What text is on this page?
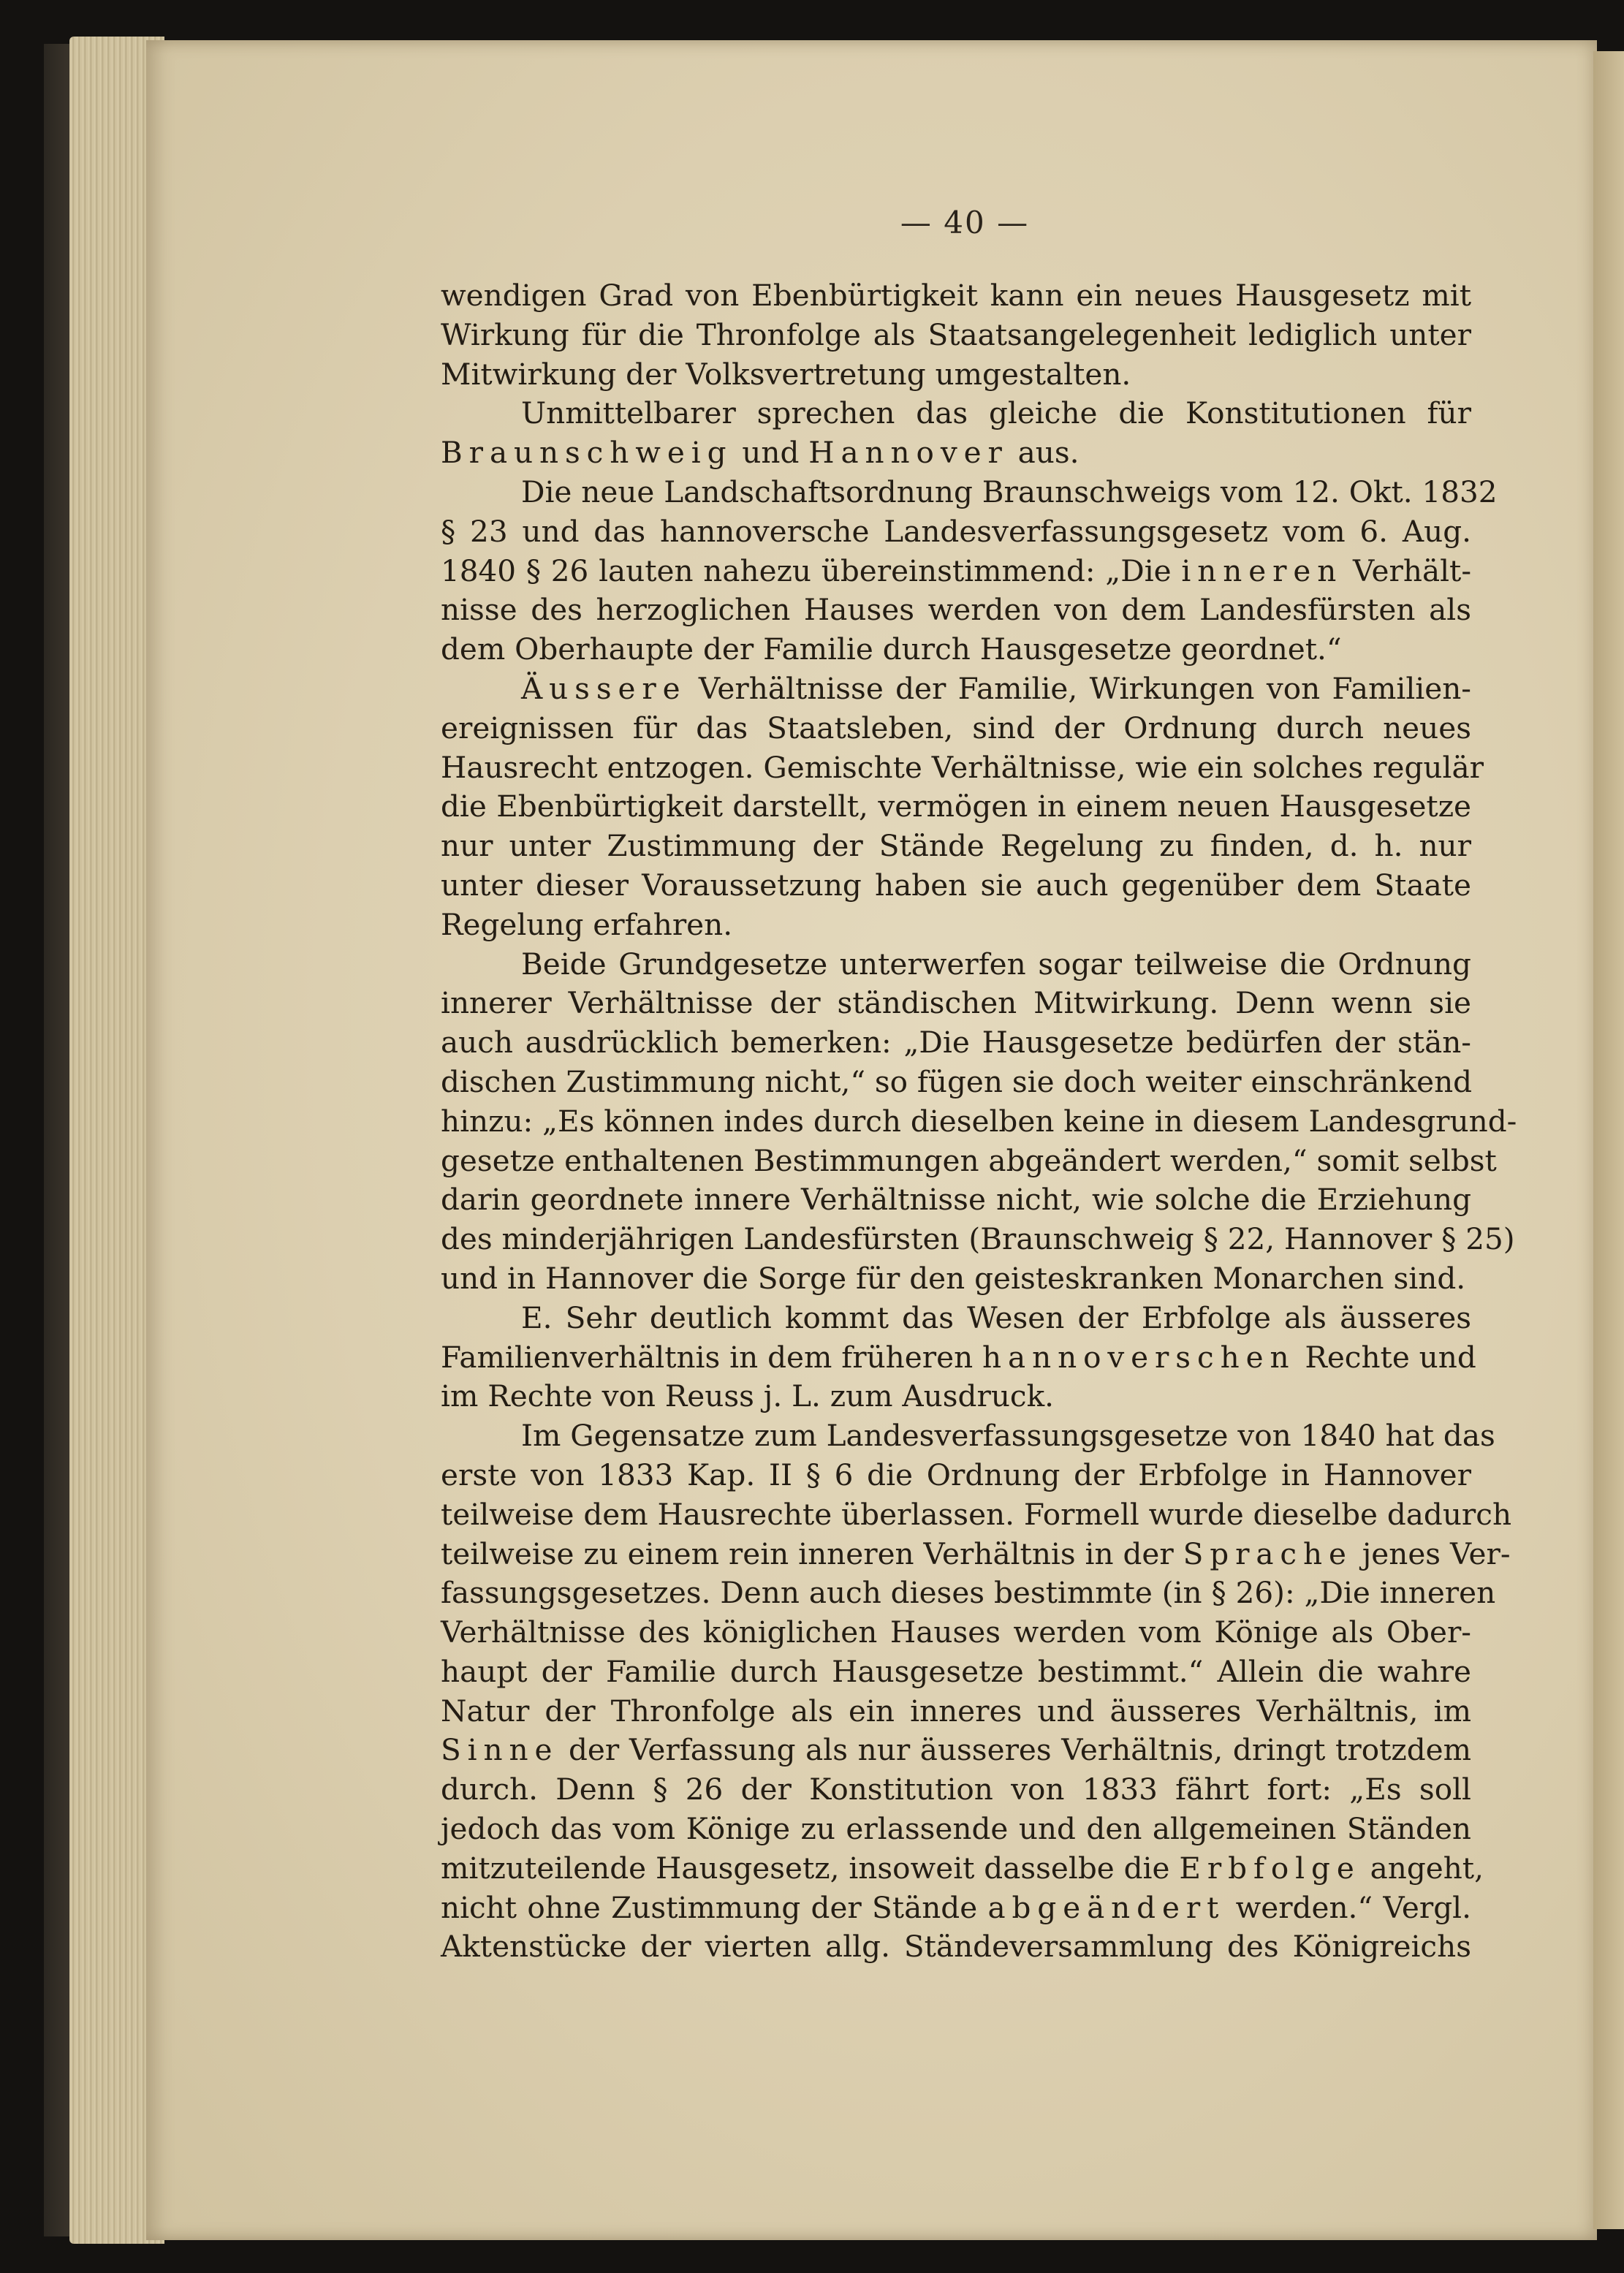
— 40 —
wendigen Grad von Ebenbürtigkeit kann ein neues Hausgesetz mit
Wirkung für die Thronfolge als Staatsangelegenheit lediglich unter
Mitwirkung der Volksvertretung umgestalten.
Unmittelbarer sprechen das gleiche die Konstitutionen für
Braunschweig und Hannover aus.
Die neue Landschaftsordnung Braunschweigs vom 12. Okt. 1832
§ 23 und das hannoversche Landesverfassungsgesetz vom 6. Aug.
1840 § 26 lauten nahezu übereinstimmend: „Die inneren Verhält-
nisse des herzoglichen Hauses werden von dem Landesfürsten als
dem Oberhaupte der Familie durch Hausgesetze geordnet.“
Äussere Verhältnisse der Familie, Wirkungen von Familien-
ereignissen für das Staatsleben, sind der Ordnung durch neues
Hausrecht entzogen. Gemischte Verhältnisse, wie ein solches regulär
die Ebenbürtigkeit darstellt, vermögen in einem neuen Hausgesetze
nur unter Zustimmung der Stände Regelung zu finden, d. h. nur
unter dieser Voraussetzung haben sie auch gegenüber dem Staate
Regelung erfahren.
Beide Grundgesetze unterwerfen sogar teilweise die Ordnung
innerer Verhältnisse der ständischen Mitwirkung. Denn wenn sie
auch ausdrücklich bemerken: „Die Hausgesetze bedürfen der stän-
dischen Zustimmung nicht,“ so fügen sie doch weiter einschränkend
hinzu: „Es können indes durch dieselben keine in diesem Landesgrund-
gesetze enthaltenen Bestimmungen abgeändert werden,“ somit selbst
darin geordnete innere Verhältnisse nicht, wie solche die Erziehung
des minderjährigen Landesfürsten (Braunschweig § 22, Hannover § 25)
und in Hannover die Sorge für den geisteskranken Monarchen sind.
E. Sehr deutlich kommt das Wesen der Erbfolge als äusseres
Familienverhältnis in dem früheren hannoverschen Rechte und
im Rechte von Reuss j. L. zum Ausdruck.
Im Gegensatze zum Landesverfassungsgesetze von 1840 hat das
erste von 1833 Kap. II § 6 die Ordnung der Erbfolge in Hannover
teilweise dem Hausrechte überlassen. Formell wurde dieselbe dadurch
teilweise zu einem rein inneren Verhältnis in der Sprache jenes Ver-
fassungsgesetzes. Denn auch dieses bestimmte (in § 26): „Die inneren
Verhältnisse des königlichen Hauses werden vom Könige als Ober-
haupt der Familie durch Hausgesetze bestimmt.“ Allein die wahre
Natur der Thronfolge als ein inneres und äusseres Verhältnis, im
Sinne der Verfassung als nur äusseres Verhältnis, dringt trotzdem
durch. Denn § 26 der Konstitution von 1833 fährt fort: „Es soll
jedoch das vom Könige zu erlassende und den allgemeinen Ständen
mitzuteilende Hausgesetz, insoweit dasselbe die Erbfolge angeht,
nicht ohne Zustimmung der Stände abgeändert werden.“ Vergl.
Aktenstücke der vierten allg. Ständeversammlung des Königreichs
